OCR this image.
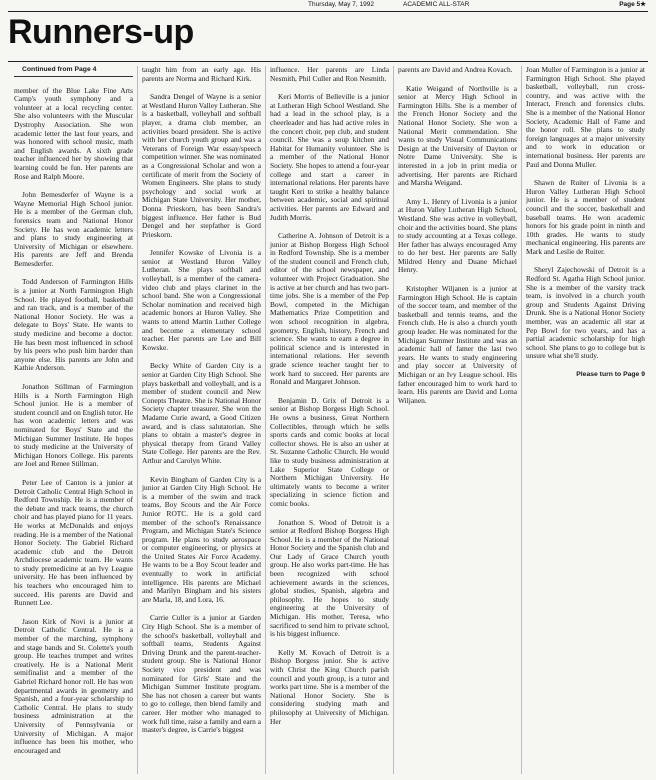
Thursday, May 7, 1992	ACADEMIC ALL-STAR	Page 5★
Runners-up

Continued from Page 4

member of the Blue Lake Fine Arts Camp's youth symphony and a volunteer at a local recycling center. She also volunteers with the Muscular Dystrophy Association. She won academic letter the last four years, and was honored with school music, math and English awards. A sixth grade teacher influenced her by showing that learning could be fun. Her parents are Rose and Ralph Moore.

John Bemesderfer of Wayne is a Wayne Memorial High School junior. He is a member of the German club, forensics team and National Honor Society. He has won academic letters and plans to study engineering at University of Michigan or elsewhere. His parents are Jeff and Brenda Bemesderfer.

Todd Anderson of Farmington Hills is a junior at North Farmington High School. He played football, basketball and ran track, and is a member of the National Honor Society. He was a delegate to Boys' State. He wants to study medicine and become a doctor. He has been most influenced in school by his peers who push him harder than anyone else. His parents are John and Kathie Anderson.

Jonathon Stillman of Farmington Hills is a North Farmington High School junior. He is a member of student council and on English tutor. He has won academic letters and was nominated for Boys' State and the Michigan Summer Institute. He hopes to study medicine at the University of Michigan Honors College. His parents are Joel and Renee Stillman.

Peter Lee of Canton is a junior at Detroit Catholic Central High School in Redford Township. He is a member of the debate and track teams, the church choir and has played piano for 11 years. He works at McDonalds and enjoys reading. He is a member of the National Honor Society. The Gabriel Richard academic club and the Detroit Archdiocese academic team. He wants to study premedicine at an Ivy League university. He has been influenced by his teachers who encouraged him to succeed. His parents are David and Runnett Lee.

Jason Kirk of Novi is a junior at Detroit Catholic Central. He is a member of the marching, symphony and stage bands and St. Colette's youth group. He teaches trumpet and writes creatively. He is a National Merit semifinalist and a member of the Gabriel Richard honor roll. He has won departmental awards in geometry and Spanish, and a four-year scholarship to Catholic Central. He plans to study business administration at the University of Pennsylvania or University of Michigan. A major influence has been his mother, who encouraged and

taught him from an early age. His parents are Norma and Richard Kirk.

Sandra Dengel of Wayne is a senior at Westland Huron Valley Lutheran. She is a basketball, volleyball and softball player, a drama club member, an activities board president. She is active with her church youth group and was a Veterans of Foreign War essay/speech competition winner. She was nominated as a Congressional Scholar and won a certificate of merit from the Society of Women Engineers. She plans to study psychology and social work at Michigan State University. Her mother, Donna Prieskorn, has been Sandra's biggest influence. Her father is Bud Dengel and her stepfather is Gord Prieskorn.

Jennifer Kowske of Livonia is a senior at Westland Huron Valley Lutheran. She plays softball and volleyball, is a member of the camera-video club and plays clarinet in the school band. She won a Congressional Scholar nomination and received high academic honors at Huron Valley. She wants to attend Martin Luther College and become a elementary school teacher. Her parents are Lee and Bill Kowske.

Becky White of Garden City is a senior at Garden City High School. She plays basketball and volleyball, and is a member of student council and New Conepts Theatre. She is National Honor Society chapter treasurer. She won the Madame Curie award, a Good Citizen award, and is class salutatorian. She plans to obtain a master's degree in physical therapy from Grand Valley State College. Her parents are the Rev. Arthur and Carolyn White.

Kevin Bingham of Garden City is a junior at Garden City High School. He is a member of the swim and track teams, Boy Scouts and the Air Force Junior ROTC. He is a gold card member of the school's Renaissance Program, and Michigan State's Science program. He plans to study aerospace or computer engineering, or physics at the United States Air Force Academy. He wants to be a Boy Scout leader and eventually to work in artificial intelligence. His parents are Michael and Marilyn Bingham and his sisters are Marla, 18, and Lora, 16.

Carrie Culler is a junior at Garden City High School. She is a member of the school's basketball, volleyball and softball teams, Students Against Driving Drunk and the parent-teacher-student group. She is National Honor Society vice president and was nominated for Girls' State and the Michigan Summer Institute program. She has not chosen a career but wants to go to college, then blend family and career. Her mother who managed to work full time, raise a family and earn a master's degree, is Carrie's biggest

influence. Her parents are Linda Nesmith, Phil Culler and Ron Nesmith.

Keri Morris of Belleville is a junior at Lutheran High School Westland. She had a lead in the school play, is a cheerleader and has had active roles in the concert choir, pep club, and student council. She was a soup kitchen and Habitat for Humanity volunteer. She is a member of the National Honor Society. She hopes to attend a four-year college and start a career in international relations. Her parents have taught Keri to strike a healthy balance between academic, social and spiritual activities. Her parents are Edward and Judith Morris.

Catherine A. Johnson of Detroit is a junior at Bishop Borgess High School in Redford Township. She is a member of the student council and French club, editor of the school newspaper, and volunteer with Project Graduation. She is active at her church and has two part-time jobs. She is a member of the Pep Bowl, competed in the Michigan Mathematics Prize Competition and won school recognition in algebra, geometry, English, history, French and science. She wants to earn a degree in political science and is interested in international relations. Her seventh grade science teacher taught her to work hard to succeed. Her parents are Ronald and Margaret Johnson.

Benjamin D. Grix of Detroit is a senior at Bishop Borgess High School. He owns a business, Great Northern Collectibles, through which he sells sports cards and comic books at local collector shows. He is also an usher at St. Suzanne Catholic Church. He would like to study business administration at Lake Superior State College or Northern Michigan University. He ultimately wants to become a writer specializing in science fiction and comic books.

Jonathon S. Wood of Detroit is a senior at Redford Bishop Borgess High School. He is a member of the National Honor Society and the Spanish club and Our Lady of Grace Church youth group. He also works part-time. He has been recognized with school achievement awards in the sciences, global studies, Spanish, algebra and philosophy. He hopes to study engineering at the University of Michigan. His mother, Teresa, who sacrificed to send him to private school, is his biggest influence.

Kelly M. Kovach of Detroit is a Bishop Borgess junior. She is active with Christ the King Church parish council and youth group, is a tutor and works part time. She is a member of the National Honor Society. She is considering studying math and philosophy at University of Michigan. Her

parents are David and Andrea Kovach.

Katie Weigand of Northville is a senior at Mercy High School in Farmington Hills. She is a member of the French Honor Society and the National Honor Society. She won a National Merit commendation. She wants to study Visual Communications Design at the University of Dayton or Notre Dame University. She is interested in a job in print media or advertising. Her parents are Richard and Marsha Weigand.

Amy L. Henry of Livonia is a junior at Huron Valley Lutheran High School, Westland. She was active in volleyball, choir and the activities board. She plans to study accounting at a Texas college. Her father has always encouraged Amy to do her best. Her parents are Sally Mildred Henry and Duane Michael Henry.

Kristopher Wiljanen is a junior at Farmington High School. He is captain of the soccer team, and member of the basketball and tennis teams, and the French club. He is also a church youth group leader. He was nominated for the Michigan Summer Institute and was an academic hall of famer the last two years. He wants to study engineering and play soccer at University of Michigan or an Ivy League school. His father encouraged him to work hard to learn. His parents are David and Lorna Wiljanen.

Joan Muller of Farmington is a junior at Farmington High School. She played basketball, volleyball, run cross-country, and was active with the Interact, French and forensics clubs. She is a member of the National Honor Society, Academic Hall of Fame and the honor roll. She plans to study foreign languages at a major university and to work in education or international business. Her parents are Paul and Donna Muller.

Shawn de Ruiter of Livonia is a Huron Valley Lutheran High School junior. He is a member of student council and the soccer, basketball and baseball teams. He won academic honors for his grade point in ninth and 10th grades. He wants to study mechanical engineering. His parents are Mark and Leslie de Ruiter.

Sheryl Zajechowski of Detroit is a Redford St. Agatha High School junior. She is a member of the varsity track team, is involved in a church youth group and Students Against Driving Drunk. She is a National Honor Society member, was an academic all star at Pep Bowl for two years, and has a partial academic scholarship for high school. She plans to go to college but is unsure what she'll study.

Please turn to Page 9
